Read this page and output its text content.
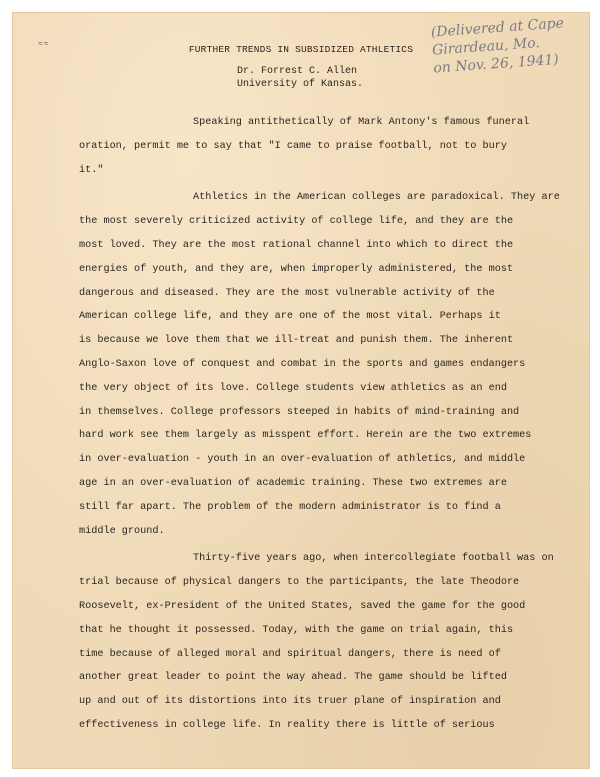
≈≈
(Delivered at Cape
Girardeau, Mo.
on Nov. 26, 1941)
FURTHER TRENDS IN SUBSIDIZED ATHLETICS
Dr. Forrest C. Allen
University of Kansas.
Speaking antithetically of Mark Antony's famous funeral
oration, permit me to say that "I came to praise football, not to bury
it."
Athletics in the American colleges are paradoxical. They are
the most severely criticized activity of college life, and they are the
most loved. They are the most rational channel into which to direct the
energies of youth, and they are, when improperly administered, the most
dangerous and diseased. They are the most vulnerable activity of the
American college life, and they are one of the most vital. Perhaps it
is because we love them that we ill-treat and punish them. The inherent
Anglo-Saxon love of conquest and combat in the sports and games endangers
the very object of its love. College students view athletics as an end
in themselves. College professors steeped in habits of mind-training and
hard work see them largely as misspent effort. Herein are the two extremes
in over-evaluation - youth in an over-evaluation of athletics, and middle
age in an over-evaluation of academic training. These two extremes are
still far apart. The problem of the modern administrator is to find a
middle ground.
Thirty-five years ago, when intercollegiate football was on
trial because of physical dangers to the participants, the late Theodore
Roosevelt, ex-President of the United States, saved the game for the good
that he thought it possessed. Today, with the game on trial again, this
time because of alleged moral and spiritual dangers, there is need of
another great leader to point the way ahead. The game should be lifted
up and out of its distortions into its truer plane of inspiration and
effectiveness in college life. In reality there is little of serious
